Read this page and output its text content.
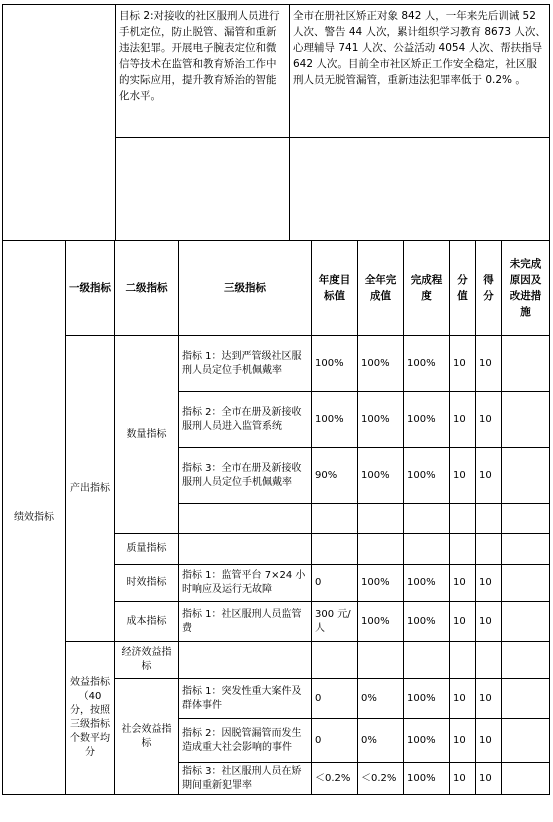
	目标 2:对接收的社区服刑人员进行手机定位，防止脱管、漏管和重新违法犯罪。开展电子腕表定位和微信等技术在监管和教育矫治工作中的实际应用，提升教育矫治的智能化水平。	全市在册社区矫正对象 842 人，一年来先后训诫 52 人次、警告 44 人次，累计组织学习教育 8673 人次、心理辅导 741 人次、公益活动 4054 人次、帮扶指导 642 人次。目前全市社区矫正工作安全稳定，社区服刑人员无脱管漏管，重新违法犯罪率低于 0.2% 。

绩效指标	一级指标	二级指标	三级指标	年度目标值	全年完成值	完成程度	分值	得分	未完成原因及改进措施
	产出指标	数量指标	指标 1：达到严管级社区服刑人员定位手机佩戴率	100%	100%	100%	10	10	
			指标 2：全市在册及新接收服刑人员进入监管系统	100%	100%	100%	10	10	
			指标 3：全市在册及新接收服刑人员定位手机佩戴率	90%	100%	100%	10	10	

		质量指标							
		时效指标	指标 1：监管平台 7×24 小时响应及运行无故障	0	100%	100%	10	10	
		成本指标	指标 1：社区服刑人员监管费	300 元/人	100%	100%	10	10	
	效益指标（40分，按照三级指标个数平均分	经济效益指标							
		社会效益指标	指标 1：突发性重大案件及群体事件	0	0%	100%	10	10	
			指标 2：因脱管漏管而发生造成重大社会影响的事件	0	0%	100%	10	10	
			指标 3：社区服刑人员在矫期间重新犯罪率	＜0.2%	＜0.2%	100%	10	10	
